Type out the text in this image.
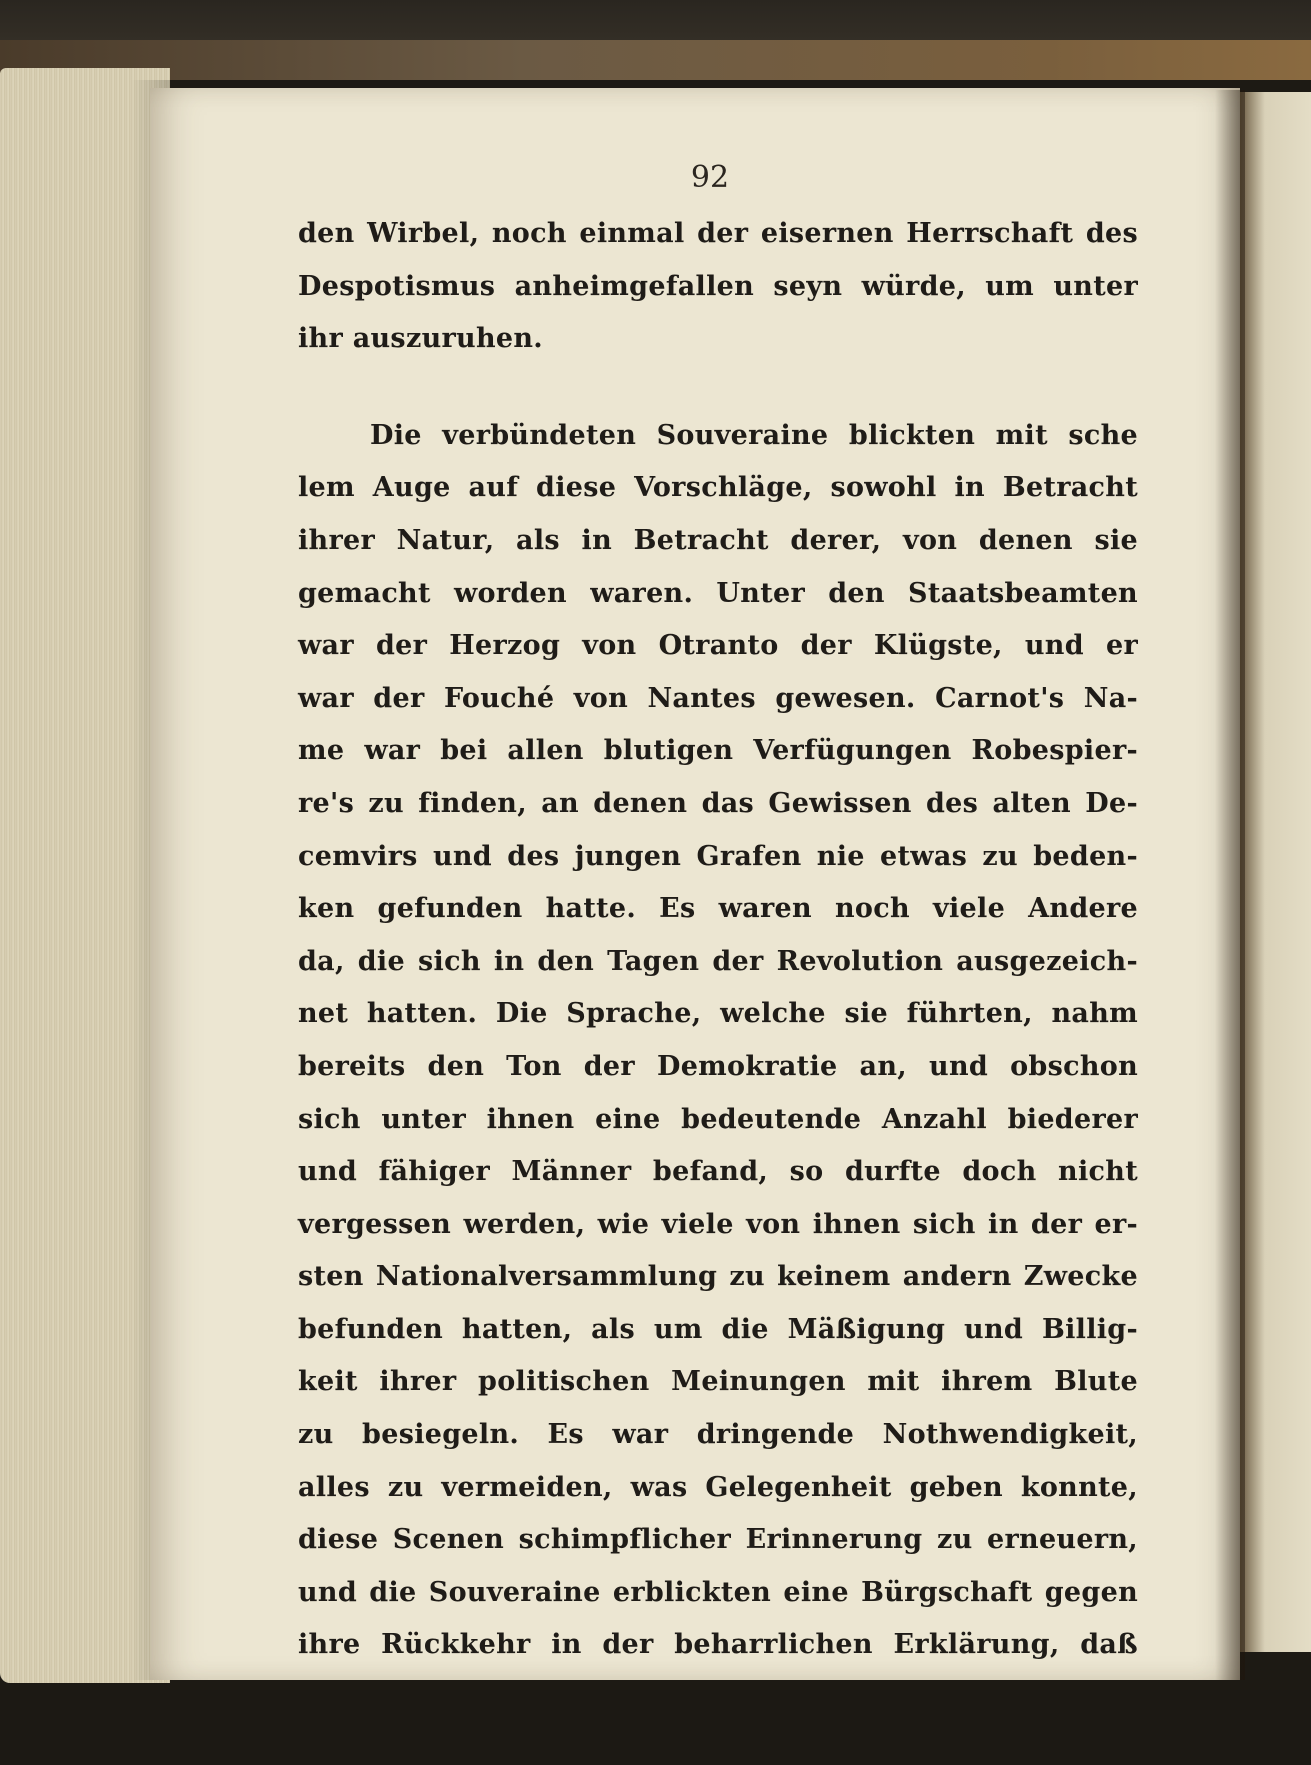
92
den Wirbel, noch einmal der eisernen Herrschaft des
Despotismus anheimgefallen seyn würde, um unter
ihr auszuruhen.
Die verbündeten Souveraine blickten mit sche
lem Auge auf diese Vorschläge, sowohl in Betracht
ihrer Natur, als in Betracht derer, von denen sie
gemacht worden waren. Unter den Staatsbeamten
war der Herzog von Otranto der Klügste, und er
war der Fouché von Nantes gewesen. Carnot's Na-
me war bei allen blutigen Verfügungen Robespier-
re's zu finden, an denen das Gewissen des alten De-
cemvirs und des jungen Grafen nie etwas zu beden-
ken gefunden hatte. Es waren noch viele Andere
da, die sich in den Tagen der Revolution ausgezeich-
net hatten. Die Sprache, welche sie führten, nahm
bereits den Ton der Demokratie an, und obschon
sich unter ihnen eine bedeutende Anzahl biederer
und fähiger Männer befand, so durfte doch nicht
vergessen werden, wie viele von ihnen sich in der er-
sten Nationalversammlung zu keinem andern Zwecke
befunden hatten, als um die Mäßigung und Billig-
keit ihrer politischen Meinungen mit ihrem Blute
zu besiegeln. Es war dringende Nothwendigkeit,
alles zu vermeiden, was Gelegenheit geben konnte,
diese Scenen schimpflicher Erinnerung zu erneuern,
und die Souveraine erblickten eine Bürgschaft gegen
ihre Rückkehr in der beharrlichen Erklärung, daß
